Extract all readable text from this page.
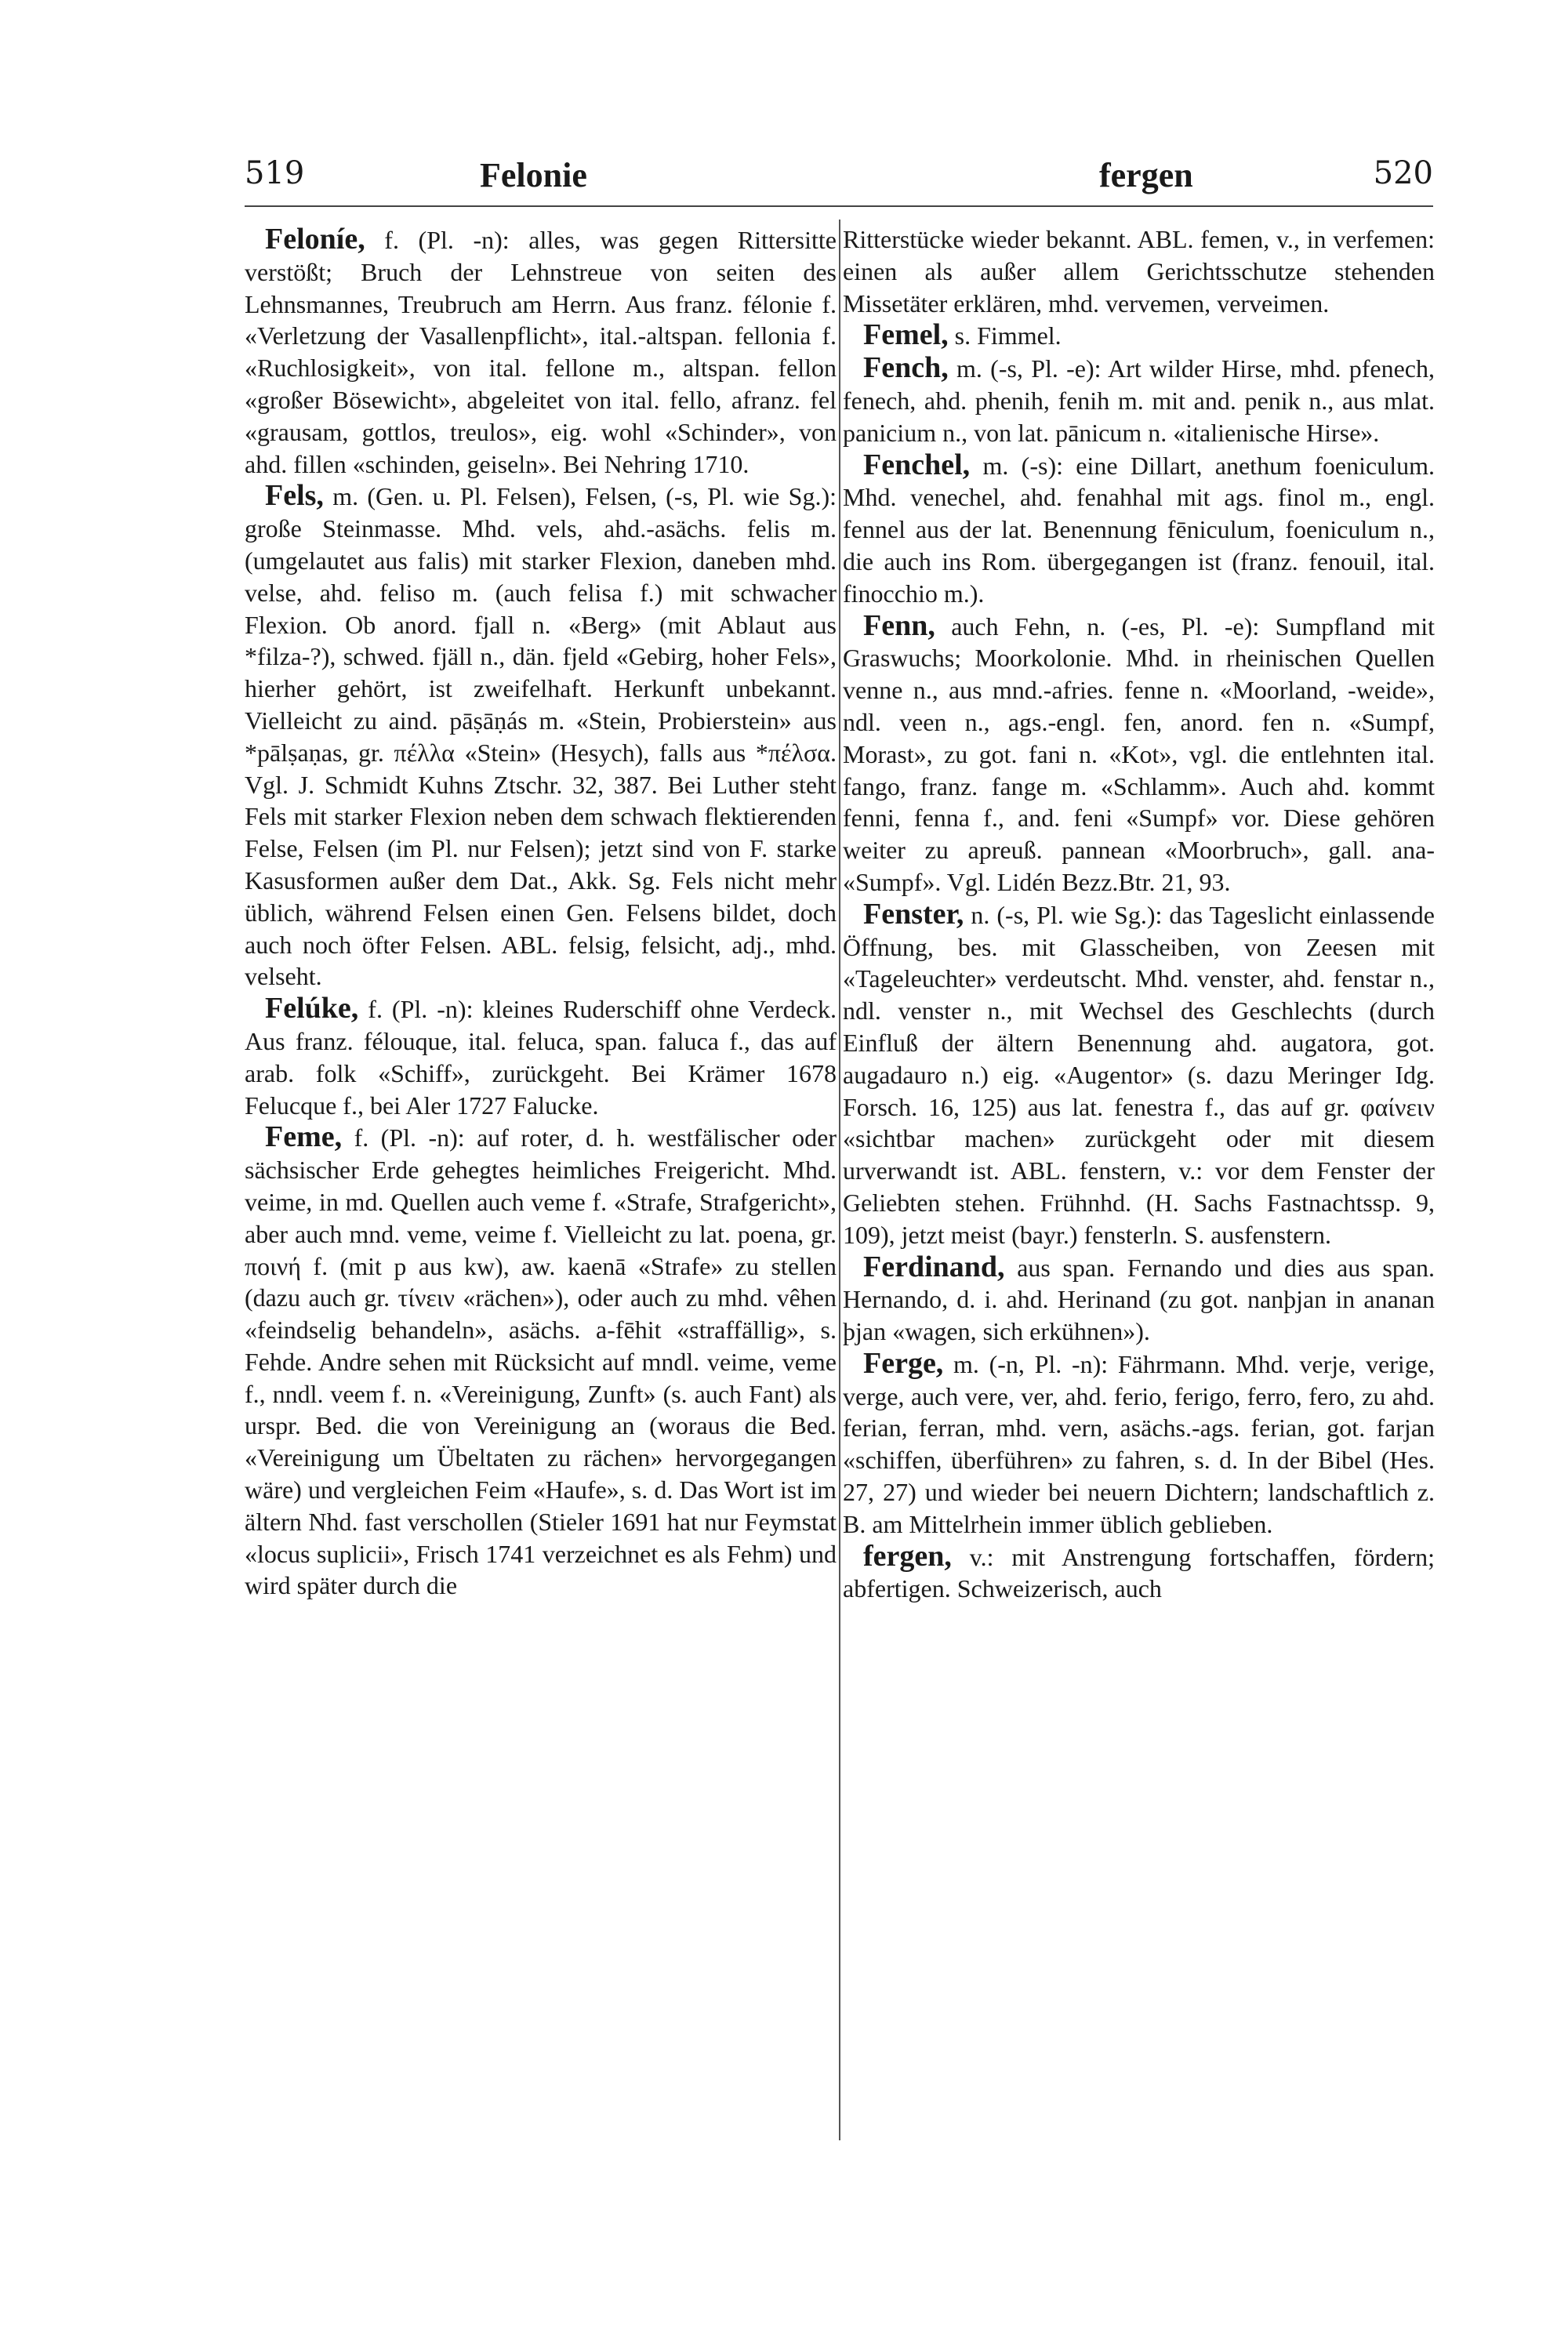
519	Felonie	fergen	520

Feloníe, f. (Pl. -n): alles, was gegen Rittersitte verstößt; Bruch der Lehnstreue von seiten des Lehnsmannes, Treubruch am Herrn. Aus franz. félonie f. «Verletzung der Vasallenpflicht», ital.-altspan. fellonia f. «Ruchlosigkeit», von ital. fellone m., altspan. fellon «großer Bösewicht», abgeleitet von ital. fello, afranz. fel «grausam, gottlos, treulos», eig. wohl «Schinder», von ahd. fillen «schinden, geiseln». Bei Nehring 1710.

Fels, m. (Gen. u. Pl. Felsen), Felsen, (-s, Pl. wie Sg.): große Steinmasse. Mhd. vels, ahd.-asächs. felis m. (umgelautet aus falis) mit starker Flexion, daneben mhd. velse, ahd. feliso m. (auch felisa f.) mit schwacher Flexion. Ob anord. fjall n. «Berg» (mit Ablaut aus *filza-?), schwed. fjäll n., dän. fjeld «Gebirg, hoher Fels», hierher gehört, ist zweifelhaft. Herkunft unbekannt. Vielleicht zu aind. pāṣāṇás m. «Stein, Probierstein» aus *pālṣaṇas, gr. πέλλα «Stein» (Hesych), falls aus *πέλσα. Vgl. J. Schmidt Kuhns Ztschr. 32, 387. Bei Luther steht Fels mit starker Flexion neben dem schwach flektierenden Felse, Felsen (im Pl. nur Felsen); jetzt sind von F. starke Kasusformen außer dem Dat., Akk. Sg. Fels nicht mehr üblich, während Felsen einen Gen. Felsens bildet, doch auch noch öfter Felsen. ABL. felsig, felsicht, adj., mhd. velseht.

Felúke, f. (Pl. -n): kleines Ruderschiff ohne Verdeck. Aus franz. félouque, ital. feluca, span. faluca f., das auf arab. folk «Schiff», zurückgeht. Bei Krämer 1678 Felucque f., bei Aler 1727 Falucke.

Feme, f. (Pl. -n): auf roter, d. h. westfälischer oder sächsischer Erde gehegtes heimliches Freigericht. Mhd. veime, in md. Quellen auch veme f. «Strafe, Strafgericht», aber auch mnd. veme, veime f. Vielleicht zu lat. poena, gr. ποινή f. (mit p aus kw), aw. kaenā «Strafe» zu stellen (dazu auch gr. τίνειν «rächen»), oder auch zu mhd. vêhen «feindselig behandeln», asächs. a-fēhit «straffällig», s. Fehde. Andre sehen mit Rücksicht auf mndl. veime, veme f., nndl. veem f. n. «Vereinigung, Zunft» (s. auch Fant) als urspr. Bed. die von Vereinigung an (woraus die Bed. «Vereinigung um Übeltaten zu rächen» hervorgegangen wäre) und vergleichen Feim «Haufe», s. d. Das Wort ist im ältern Nhd. fast verschollen (Stieler 1691 hat nur Feymstat «locus suplicii», Frisch 1741 verzeichnet es als Fehm) und wird später durch die

Ritterstücke wieder bekannt. ABL. femen, v., in verfemen: einen als außer allem Gerichtsschutze stehenden Missetäter erklären, mhd. vervemen, verveimen.

Femel, s. Fimmel.

Fench, m. (-s, Pl. -e): Art wilder Hirse, mhd. pfenech, fenech, ahd. phenih, fenih m. mit and. penik n., aus mlat. panicium n., von lat. pānicum n. «italienische Hirse».

Fenchel, m. (-s): eine Dillart, anethum foeniculum. Mhd. venechel, ahd. fenahhal mit ags. finol m., engl. fennel aus der lat. Benennung fēniculum, foeniculum n., die auch ins Rom. übergegangen ist (franz. fenouil, ital. finocchio m.).

Fenn, auch Fehn, n. (-es, Pl. -e): Sumpfland mit Graswuchs; Moorkolonie. Mhd. in rheinischen Quellen venne n., aus mnd.-afries. fenne n. «Moorland, -weide», ndl. veen n., ags.-engl. fen, anord. fen n. «Sumpf, Morast», zu got. fani n. «Kot», vgl. die entlehnten ital. fango, franz. fange m. «Schlamm». Auch ahd. kommt fenni, fenna f., and. feni «Sumpf» vor. Diese gehören weiter zu apreuß. pannean «Moorbruch», gall. ana- «Sumpf». Vgl. Lidén Bezz.Btr. 21, 93.

Fenster, n. (-s, Pl. wie Sg.): das Tageslicht einlassende Öffnung, bes. mit Glasscheiben, von Zeesen mit «Tageleuchter» verdeutscht. Mhd. venster, ahd. fenstar n., ndl. venster n., mit Wechsel des Geschlechts (durch Einfluß der ältern Benennung ahd. augatora, got. augadauro n.) eig. «Augentor» (s. dazu Meringer Idg. Forsch. 16, 125) aus lat. fenestra f., das auf gr. φαίνειν «sichtbar machen» zurückgeht oder mit diesem urverwandt ist. ABL. fenstern, v.: vor dem Fenster der Geliebten stehen. Frühnhd. (H. Sachs Fastnachtssp. 9, 109), jetzt meist (bayr.) fensterln. S. ausfenstern.

Ferdinand, aus span. Fernando und dies aus span. Hernando, d. i. ahd. Herinand (zu got. nanþjan in ananan þjan «wagen, sich erkühnen»).

Ferge, m. (-n, Pl. -n): Fährmann. Mhd. verje, verige, verge, auch vere, ver, ahd. ferio, ferigo, ferro, fero, zu ahd. ferian, ferran, mhd. vern, asächs.-ags. ferian, got. farjan «schiffen, überführen» zu fahren, s. d. In der Bibel (Hes. 27, 27) und wieder bei neuern Dichtern; landschaftlich z. B. am Mittelrhein immer üblich geblieben.

fergen, v.: mit Anstrengung fortschaffen, fördern; abfertigen. Schweizerisch, auch
